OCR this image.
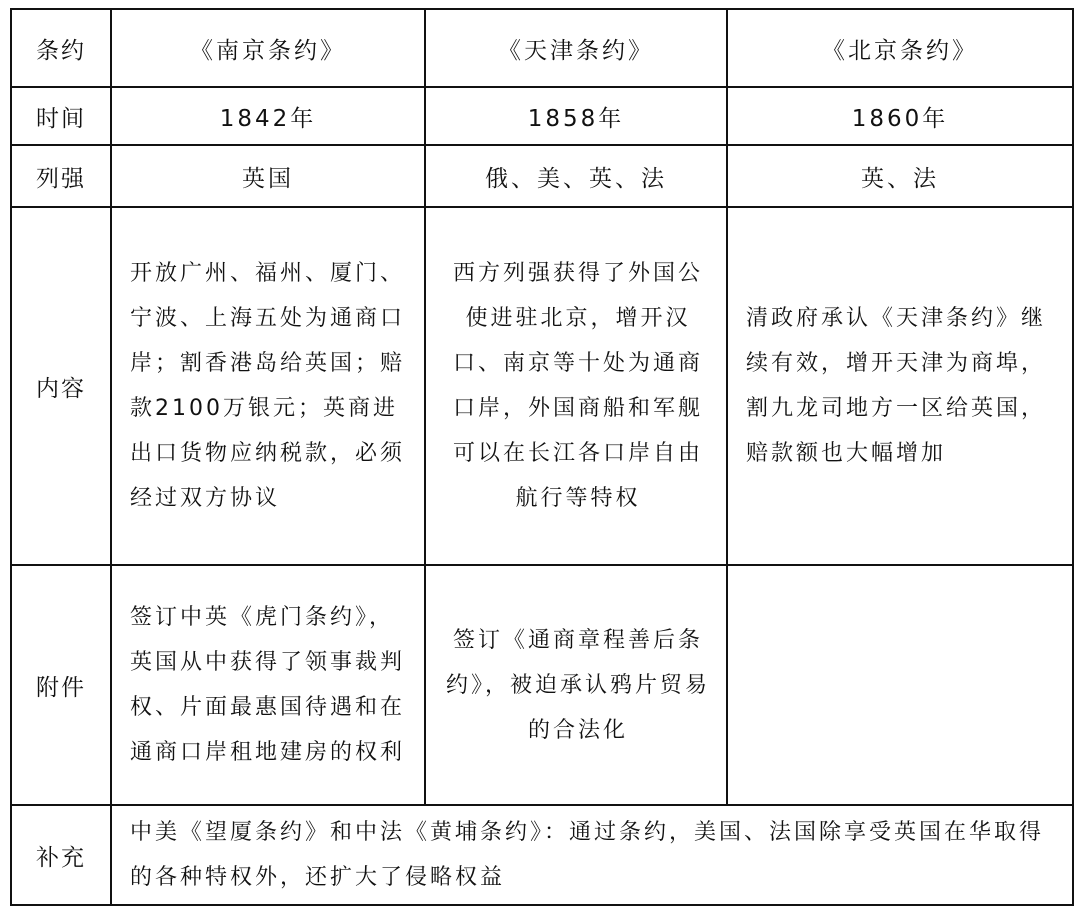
条约	《南京条约》	《天津条约》	《北京条约》
时间	1842年	1858年	1860年
列强	英国	俄、美、英、法	英、法
内容	开放广州、福州、厦门、宁波、上海五处为通商口岸；割香港岛给英国；赔款2100万银元；英商进出口货物应纳税款，必须经过双方协议	西方列强获得了外国公使进驻北京，增开汉口、南京等十处为通商口岸，外国商船和军舰可以在长江各口岸自由航行等特权	清政府承认《天津条约》继续有效，增开天津为商埠，割九龙司地方一区给英国，赔款额也大幅增加
附件	签订中英《虎门条约》，英国从中获得了领事裁判权、片面最惠国待遇和在通商口岸租地建房的权利	签订《通商章程善后条约》，被迫承认鸦片贸易的合法化	
补充	中美《望厦条约》和中法《黄埔条约》：通过条约，美国、法国除享受英国在华取得的各种特权外，还扩大了侵略权益		
